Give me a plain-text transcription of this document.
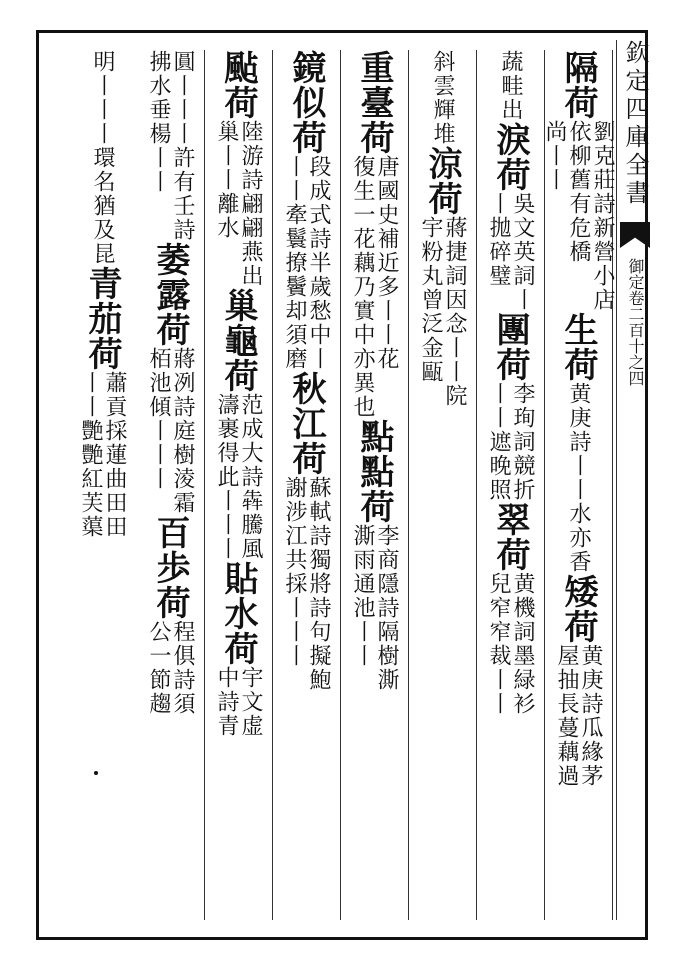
欽定四庫全書
御定
卷二百十之四
隔荷
劉克莊詩新營小店
依柳舊有危橋
尚丨丨
生荷
黄庚詩丨丨水亦香
矮荷
黄庚詩瓜緣茅
屋抽長蔓藕過
蔬畦出
淚荷
吳文英詞丨
丨拋碎璧
團荷
李珣詞競折
丨丨遮晚照
翠荷
黄機詞墨緑衫
兒窄窄裁丨丨
斜雲輝堆
涼荷
蔣捷詞因念丨丨院
宇粉丸曾泛金甌
重臺荷
唐國史補近多丨丨花
復生一花藕乃實中亦異也
點點荷
李商隱詩隔樹澌
澌雨通池丨丨
鏡似荷
段成式詩半歲愁中丨
丨丨牽鬟撩鬢却須磨
秋江荷
蘇軾詩獨將詩句擬鮑
謝涉江共採丨丨丨
颭荷
陸游詩翩翩燕出
巢丨丨離水
巢龜荷
范成大詩犇騰風
濤裹得此丨丨丨
貼水荷
宇文虚
中詩青
圓丨丨丨許有壬詩
拂水垂楊丨丨
萎露荷
蔣冽詩庭樹淩霜
栢池傾丨丨丨
百歩荷
程俱詩須
公一節趨
明丨丨丨環名猶及昆
青茄荷
蕭貢採蓮曲田田
丨丨艷艷紅芙蕖
